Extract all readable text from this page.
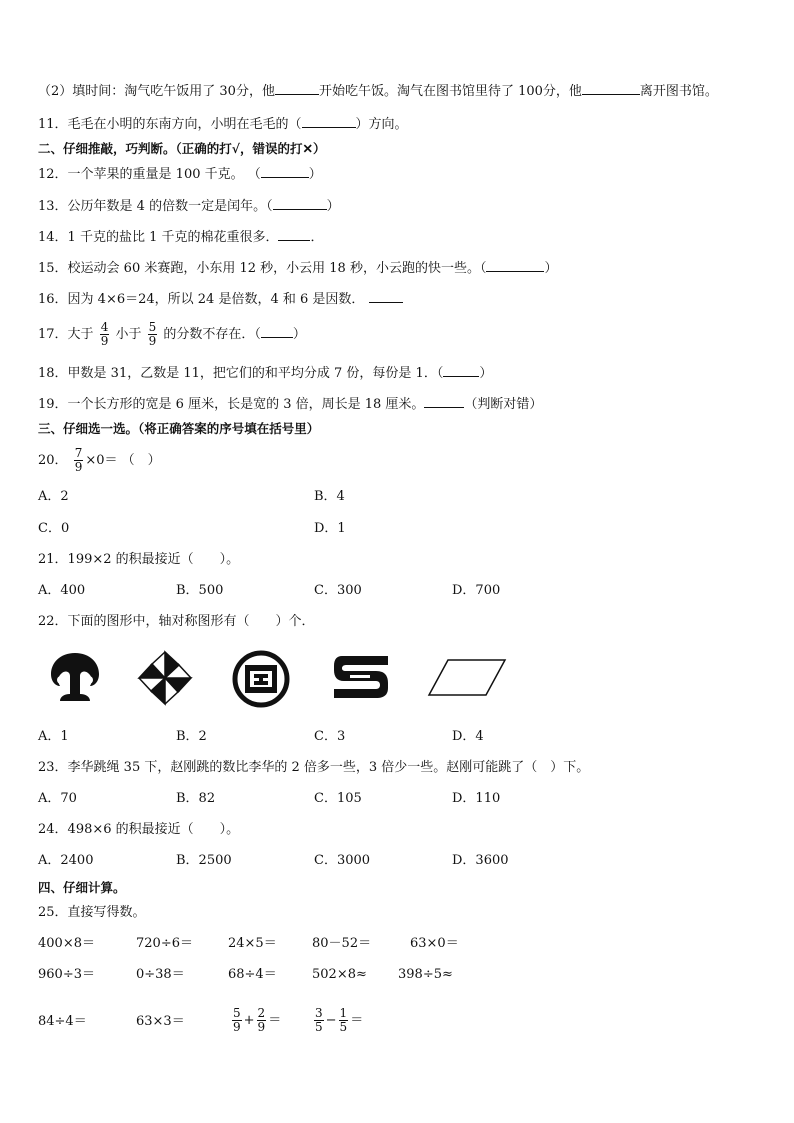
（2）填时间：淘气吃午饭用了 30分，他	开始吃午饭。淘气在图书馆里待了 100分，他	离开图书馆。
11．毛毛在小明的东南方向，小明在毛毛的（	）方向。
二、仔细推敲，巧判断。（正确的打√，错误的打✕）
12．一个苹果的重量是 100 千克。 （	）
13．公历年数是 4 的倍数一定是闰年。（	）
14．1 千克的盐比 1 千克的棉花重很多． ．
15．校运动会 60 米赛跑，小东用 12 秒，小云用 18 秒，小云跑的快一些。（	）
16．因为 4×6＝24，所以 24 是倍数，4 和 6 是因数．
17．大于 $\frac{4}{9}$ 小于 $\frac{5}{9}$ 的分数不存在．（ ）
18．甲数是 31，乙数是 11，把它们的和平均分成 7 份，每份是 1．（	）
19．一个长方形的宽是 6 厘米，长是宽的 3 倍，周长是 18 厘米。	（判断对错）
三、仔细选一选。（将正确答案的序号填在括号里）
20． $\frac{7}{9} \times 0=$ （　）
A．2	B．4
C．0	D．1
21．199×2 的积最接近（　　）。
A．400	B．500	C．300	D．700
22．下面的图形中，轴对称图形有（　　）个．
A．1	B．2	C．3	D．4
23．李华跳绳 35 下，赵刚跳的数比李华的 2 倍多一些，3 倍少一些。赵刚可能跳了（　）下。
A．70	B．82	C．105	D．110
24．498×6 的积最接近（　　）。
A．2400	B．2500	C．3000	D．3600
四、仔细计算。
25．直接写得数。
400×8＝	720÷6＝	24×5＝	80－52＝	63×0＝
960÷3＝	0÷38＝	68÷4＝	502×8≈ 398÷5≈
84÷4＝	63×3＝	$\frac{5}{9} + \frac{2}{9}$ ＝	$\frac{3}{5} - \frac{1}{5}$ ＝
